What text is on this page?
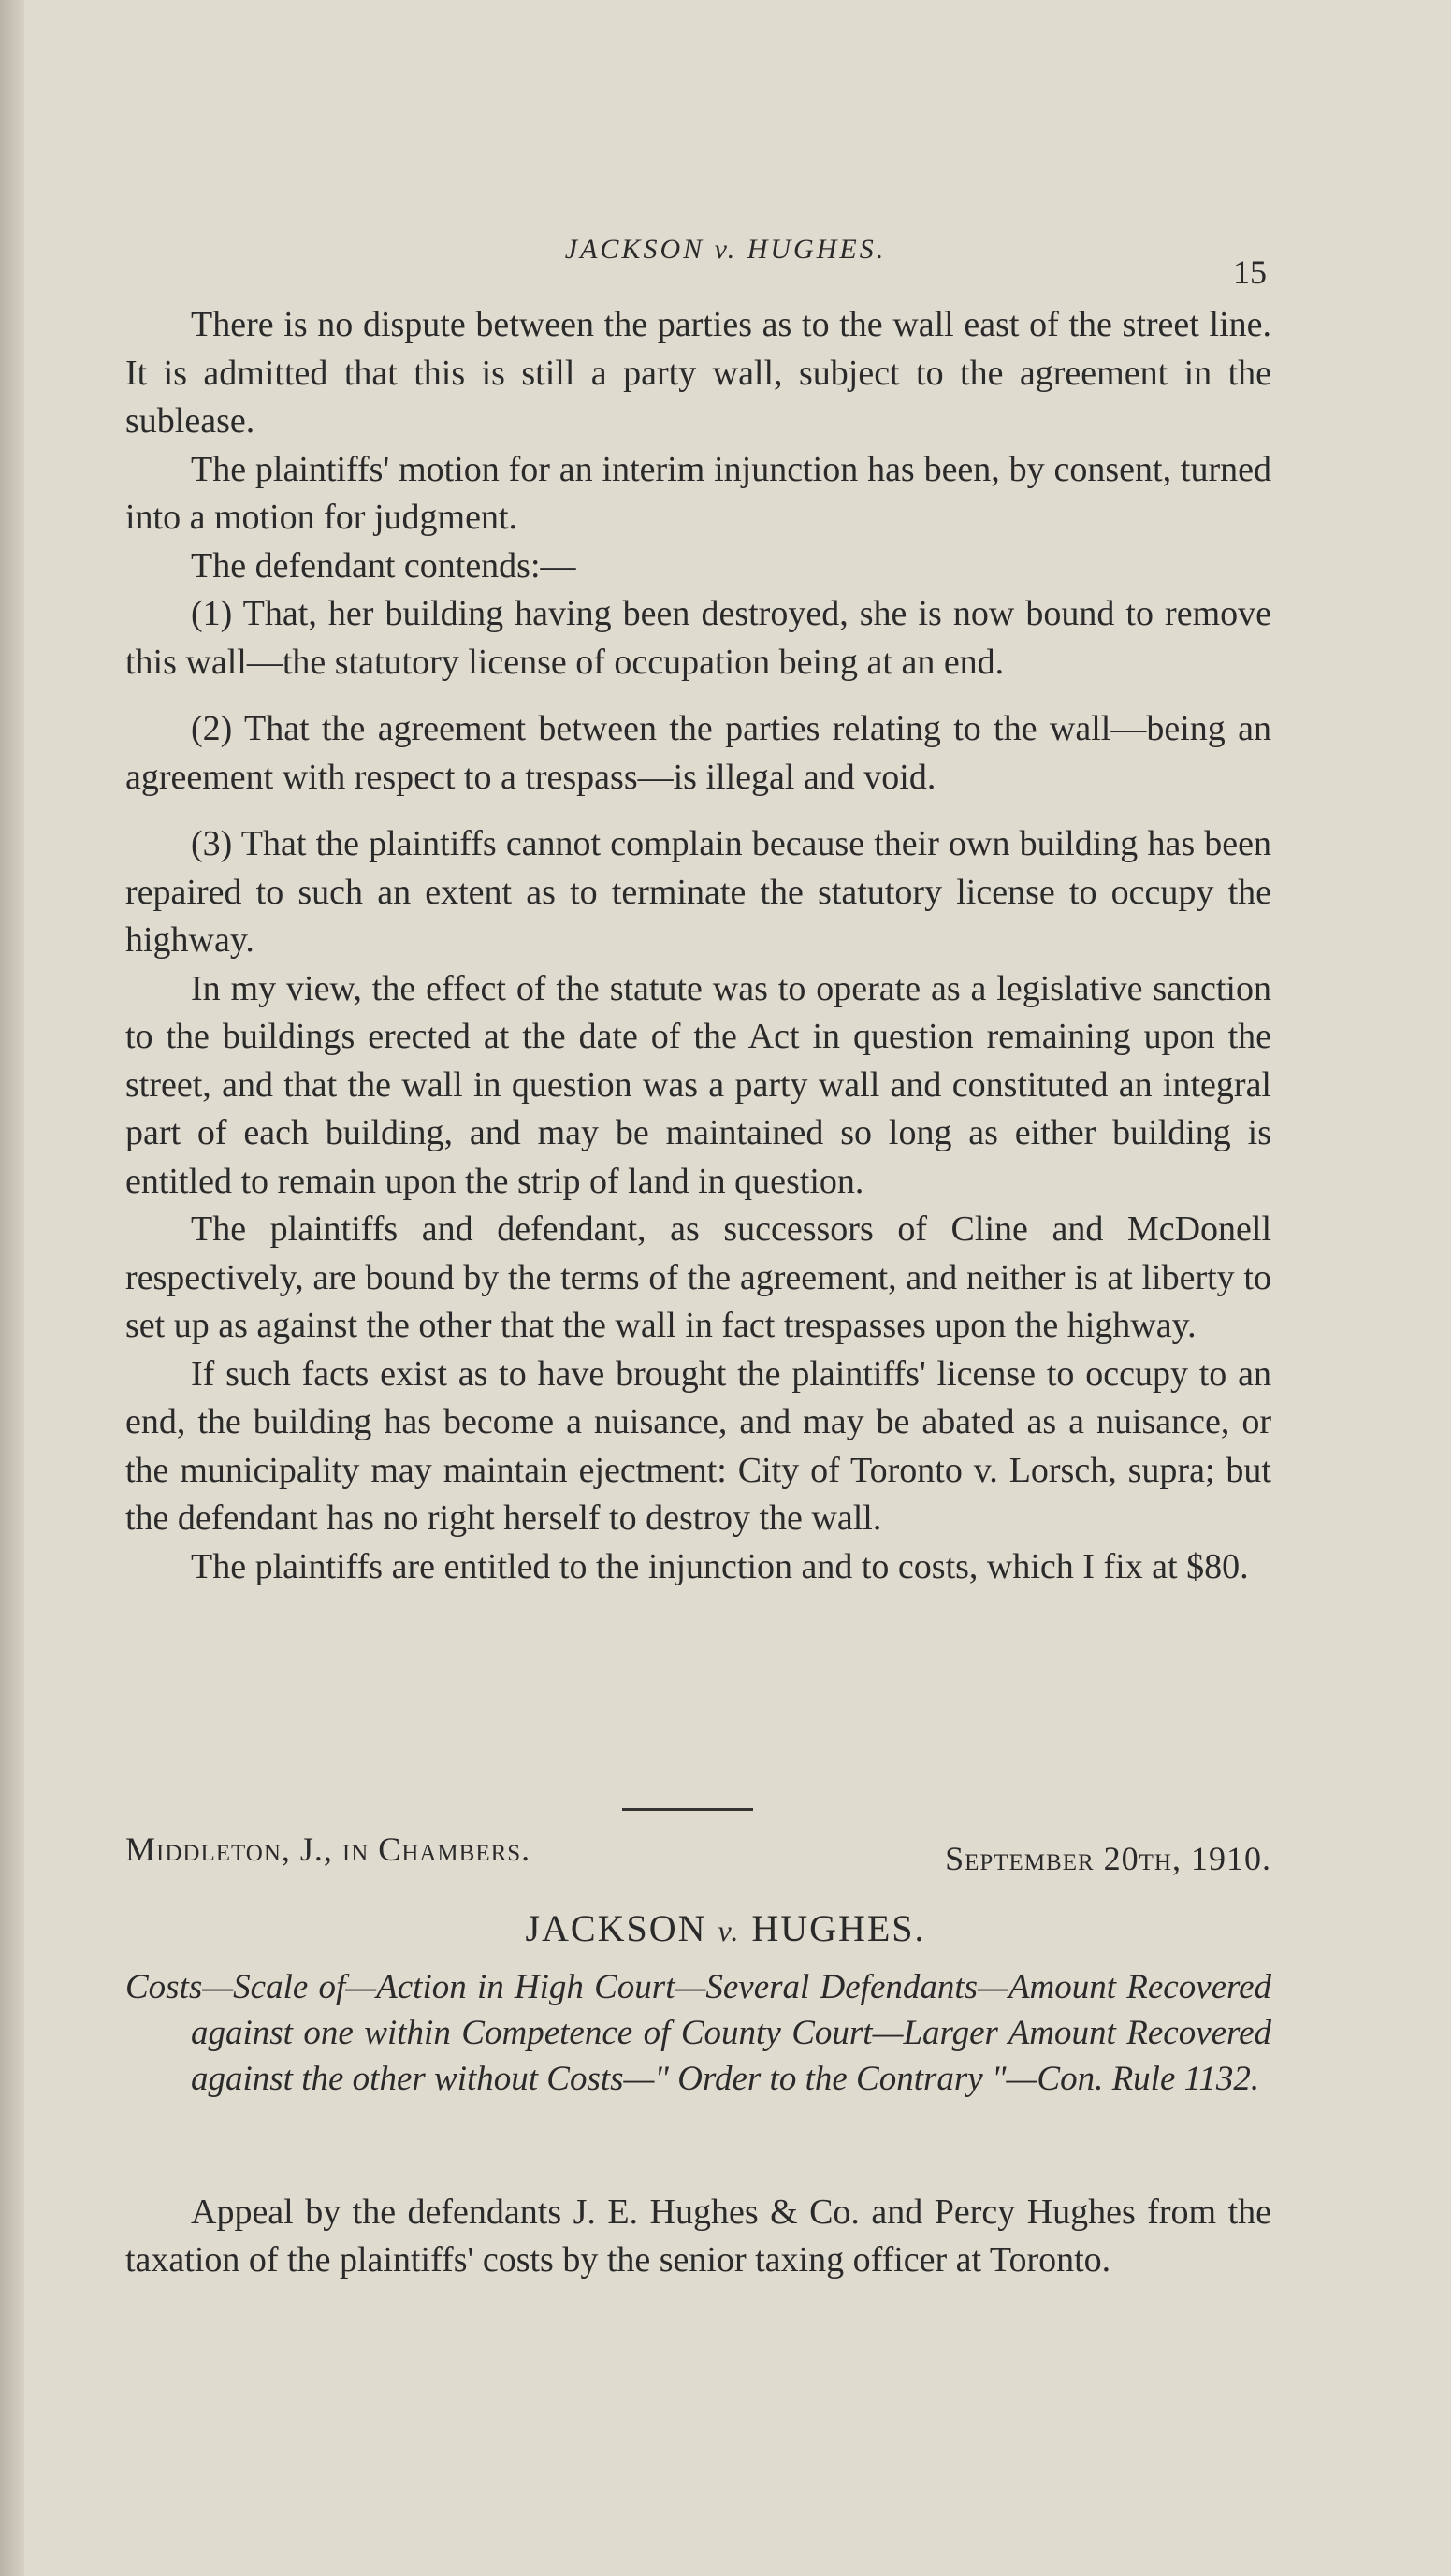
JACKSON v. HUGHES.
15

There is no dispute between the parties as to the wall east of the street line. It is admitted that this is still a party wall, subject to the agreement in the sublease.

The plaintiffs' motion for an interim injunction has been, by consent, turned into a motion for judgment.

The defendant contends:—

(1) That, her building having been destroyed, she is now bound to remove this wall—the statutory license of occupation being at an end.

(2) That the agreement between the parties relating to the wall—being an agreement with respect to a trespass—is illegal and void.

(3) That the plaintiffs cannot complain because their own building has been repaired to such an extent as to terminate the statutory license to occupy the highway.

In my view, the effect of the statute was to operate as a legislative sanction to the buildings erected at the date of the Act in question remaining upon the street, and that the wall in question was a party wall and constituted an integral part of each building, and may be maintained so long as either building is entitled to remain upon the strip of land in question.

The plaintiffs and defendant, as successors of Cline and McDonell respectively, are bound by the terms of the agreement, and neither is at liberty to set up as against the other that the wall in fact trespasses upon the highway.

If such facts exist as to have brought the plaintiffs' license to occupy to an end, the building has become a nuisance, and may be abated as a nuisance, or the municipality may maintain ejectment: City of Toronto v. Lorsch, supra; but the defendant has no right herself to destroy the wall.

The plaintiffs are entitled to the injunction and to costs, which I fix at $80.

Middleton, J., in Chambers.	September 20th, 1910.
JACKSON v. HUGHES.
Costs—Scale of—Action in High Court—Several Defendants—Amount Recovered against one within Competence of County Court—Larger Amount Recovered against the other without Costs—" Order to the Contrary "—Con. Rule 1132.
Appeal by the defendants J. E. Hughes & Co. and Percy Hughes from the taxation of the plaintiffs' costs by the senior taxing officer at Toronto.
